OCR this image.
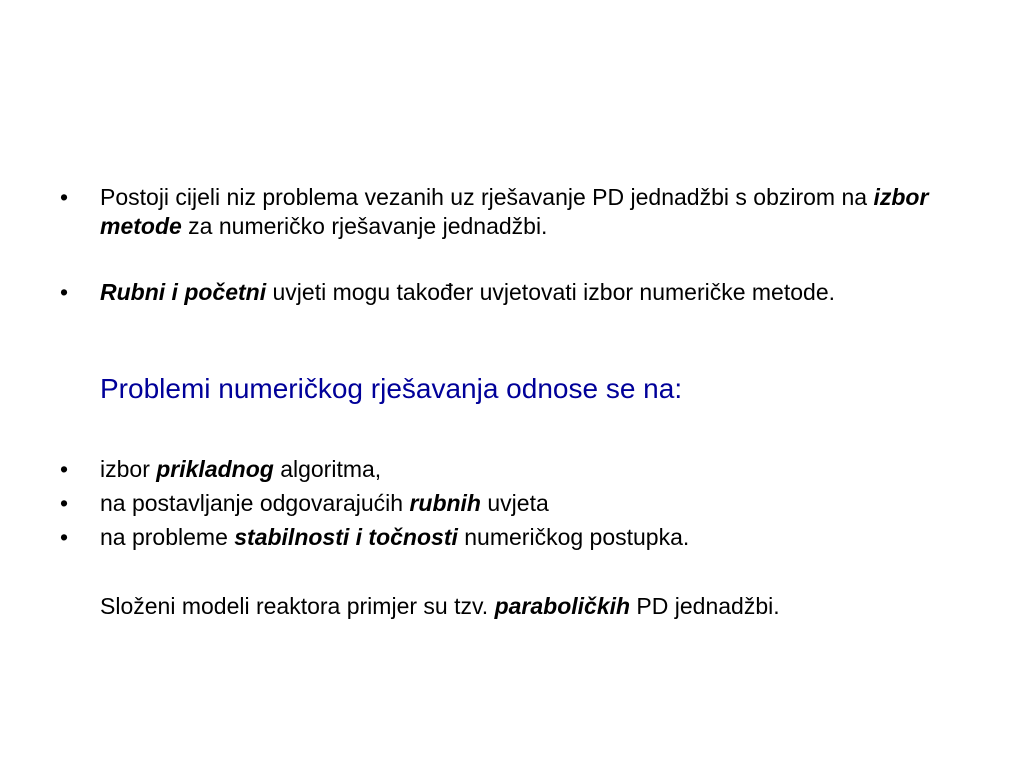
• Postoji cijeli niz problema vezanih uz rješavanje PD jednadžbi s obzirom na izbor metode za numeričko rješavanje jednadžbi.
• Rubni i početni uvjeti mogu također uvjetovati izbor numeričke metode.
Problemi numeričkog rješavanja odnose se na:
• izbor prikladnog algoritma,
• na postavljanje odgovarajućih rubnih uvjeta
• na probleme stabilnosti i točnosti numeričkog postupka.
Složeni modeli reaktora primjer su tzv. paraboličkih PD jednadžbi.
